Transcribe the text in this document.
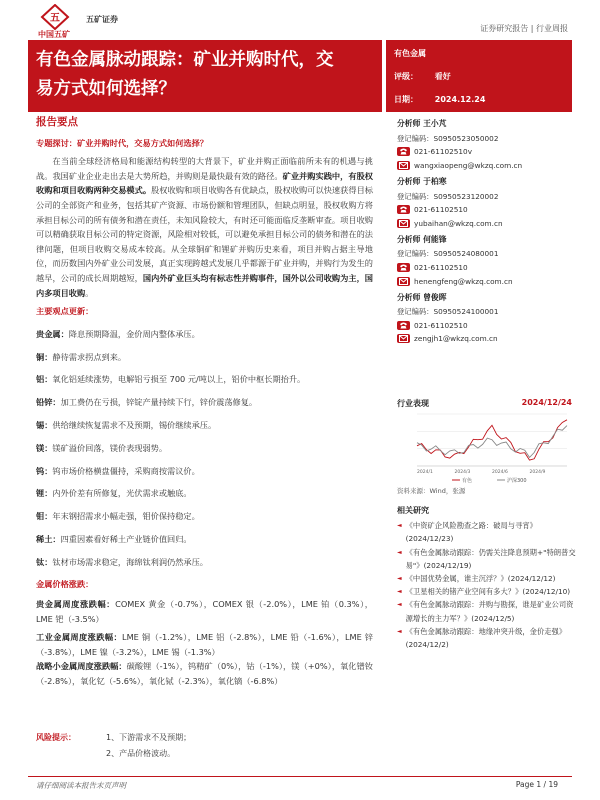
五
中国五矿
五矿证券
证券研究报告 | 行业周报
有色金属脉动跟踪：矿业并购时代，交
易方式如何选择？
有色金属
评级： 看好
日期： 2024.12.24
报告要点
专题探讨：矿业并购时代，交易方式如何选择？
在当前全球经济格局和能源结构转型的大背景下，矿业并购正面临前所未有的机遇与挑战。我国矿业企业走出去是大势所趋，并购则是最快最有效的路径。矿业并购实践中，有股权收购和项目收购两种交易模式。股权收购和项目收购各有优缺点，股权收购可以快速获得目标公司的全部资产和业务，包括其矿产资源、市场份额和管理团队，但缺点明显，股权收购方将承担目标公司的所有债务和潜在责任，未知风险较大，有时还可能面临反垄断审查。项目收购可以精确获取目标公司的特定资源，风险相对较低，可以避免承担目标公司的债务和潜在的法律问题，但项目收购交易成本较高。从全球铜矿和锂矿并购历史来看，项目并购占据主导地位，而历数国内外矿业公司发展，真正实现跨越式发展几乎都源于矿业并购，并购行为发生的越早，公司的成长周期越短，国内外矿业巨头均有标志性并购事件，国外以公司收购为主，国内多项目收购。
主要观点更新：
贵金属： 降息预期降温，金价周内整体承压。
铜： 静待需求拐点到来。
铝： 氧化铝延续涨势，电解铝亏损至 700 元/吨以上，铝价中枢长期抬升。
铅锌： 加工费仍在亏损，锌锭产量持续下行，锌价震荡修复。
锡： 供给继续恢复需求不及预期，锡价继续承压。
镁： 镁矿溢价回落，镁价表现弱势。
钨： 钨市场价格横盘僵持，采购商按需议价。
锂： 内外价差有所修复，光伏需求或触底。
钼： 年末钢招需求小幅走强，钼价保持稳定。
稀土： 四重因素看好稀土产业链价值回归。
钛： 钛材市场需求稳定，海绵钛利润仍然承压。
金属价格涨跌：
贵金属周度涨跌幅：COMEX 黄金（-0.7%），COMEX 银（-2.0%），LME 铂（0.3%），LME 钯（-3.5%）
工业金属周度涨跌幅：LME 铜（-1.2%），LME 铝（-2.8%），LME 铅（-1.6%），LME 锌（-3.8%），LME 镍（-3.2%），LME 锡（-1.3%）
战略小金属周度涨跌幅：碳酸锂（-1%），钨精矿（0%），钴（-1%），镁（+0%），氧化镨钕（-2.8%），氧化钇（-5.6%），氧化铽（-2.3%），氧化镝（-6.8%）
分析师 王小芃
登记编码：S0950523050002
021-61102510v
wangxiaopeng@wkzq.com.cn
分析师 于柏寒
登记编码：S0950523120002
021-61102510
yubaihan@wkzq.com.cn
分析师 何能锋
登记编码：S0950524080001
021-61102510
henengfeng@wkzq.com.cn
分析师 曾俊晖
登记编码：S0950524100001
021-61102510
zengjh1@wkzq.com.cn
行业表现	2024/12/24
2024/1	2024/3	2024/6	2024/9
有色	沪深300
资料来源：Wind，张源
相关研究
◄ 《中资矿企风险勘查之路：破局与寻宵》(2024/12/23)
◄ 《有色金属脉动跟踪：仍需关注降息预期+"特朗普交易"》(2024/12/19)
◄ 《中国优势金属，谁主沉浮？》(2024/12/12)
◄ 《卫星相关的锗产业空间有多大？》(2024/12/10)
◄ 《有色金属脉动跟踪：并购与勘探，谁是矿业公司资源增长的主力军？》(2024/12/5)
◄ 《有色金属脉动跟踪：地缘冲突升级，金价走强》(2024/12/2)
风险提示：	1、下游需求不及预期；
2、产品价格波动。
请仔细阅读本报告末页声明	Page 1 / 19
